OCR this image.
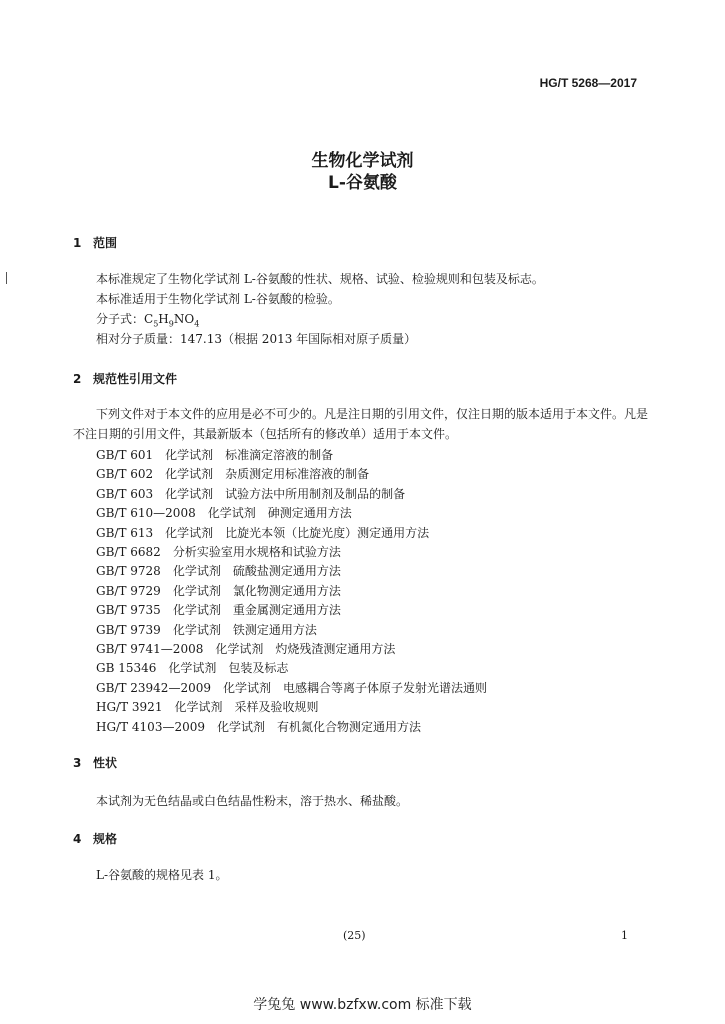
HG/T 5268—2017
生物化学试剂
L-谷氨酸
1 范围
本标准规定了生物化学试剂 L-谷氨酸的性状、规格、试验、检验规则和包装及标志。
本标准适用于生物化学试剂 L-谷氨酸的检验。
分子式：$C_5H_9NO_4$
相对分子质量：147.13（根据 2013 年国际相对原子质量）
2 规范性引用文件
下列文件对于本文件的应用是必不可少的。凡是注日期的引用文件，仅注日期的版本适用于本文件。凡是不注日期的引用文件，其最新版本（包括所有的修改单）适用于本文件。
GB/T 601 化学试剂　标准滴定溶液的制备
GB/T 602 化学试剂　杂质测定用标准溶液的制备
GB/T 603 化学试剂　试验方法中所用制剂及制品的制备
GB/T 610—2008 化学试剂　砷测定通用方法
GB/T 613 化学试剂　比旋光本领（比旋光度）测定通用方法
GB/T 6682 分析实验室用水规格和试验方法
GB/T 9728 化学试剂　硫酸盐测定通用方法
GB/T 9729 化学试剂　氯化物测定通用方法
GB/T 9735 化学试剂　重金属测定通用方法
GB/T 9739 化学试剂　铁测定通用方法
GB/T 9741—2008 化学试剂　灼烧残渣测定通用方法
GB 15346 化学试剂　包装及标志
GB/T 23942—2009 化学试剂　电感耦合等离子体原子发射光谱法通则
HG/T 3921 化学试剂　采样及验收规则
HG/T 4103—2009 化学试剂　有机氮化合物测定通用方法
3 性状
本试剂为无色结晶或白色结晶性粉末，溶于热水、稀盐酸。
4 规格
L-谷氨酸的规格见表 1。
(25)	1
学兔兔 www.bzfxw.com 标准下载
